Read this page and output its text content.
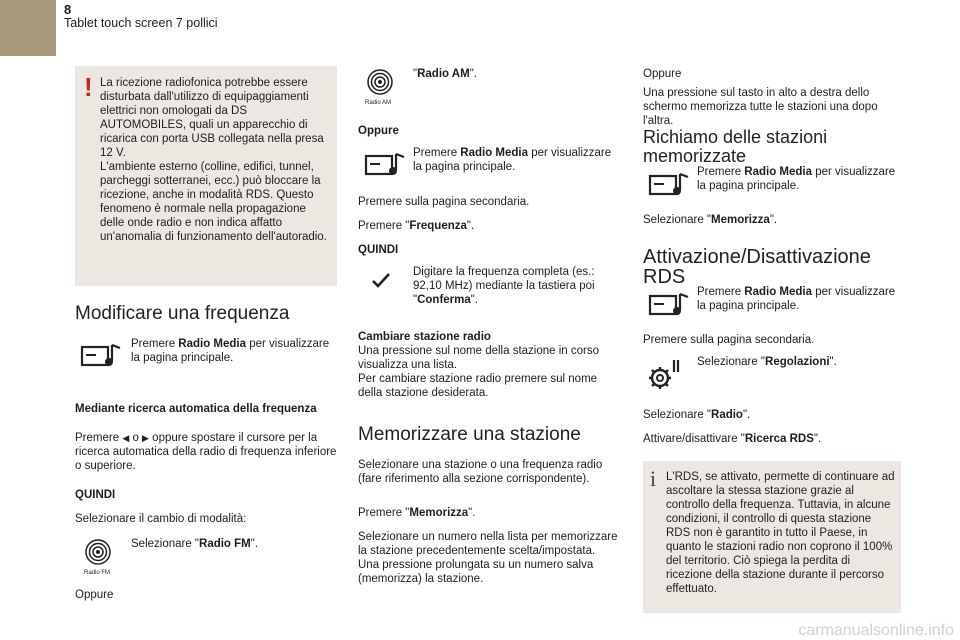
8
Tablet touch screen 7 pollici
! La ricezione radiofonica potrebbe essere disturbata dall'utilizzo di equipaggiamenti elettrici non omologati da DS AUTOMOBILES, quali un apparecchio di ricarica con porta USB collegata nella presa 12 V.
L'ambiente esterno (colline, edifici, tunnel, parcheggi sotterranei, ecc.) può bloccare la ricezione, anche in modalità RDS. Questo fenomeno è normale nella propagazione delle onde radio e non indica affatto un'anomalia di funzionamento dell'autoradio.
Modificare una frequenza
Premere Radio Media per visualizzare la pagina principale.
Mediante ricerca automatica della frequenza
Premere ◀ o ▶ oppure spostare il cursore per la ricerca automatica della radio di frequenza inferiore o superiore.
QUINDI
Selezionare il cambio di modalità:
Radio FM
Selezionare "Radio FM".
Oppure
Radio AM
"Radio AM".
Oppure
Premere Radio Media per visualizzare la pagina principale.
Premere sulla pagina secondaria.
Premere "Frequenza".
QUINDI
Digitare la frequenza completa (es.: 92,10 MHz) mediante la tastiera poi "Conferma".
Cambiare stazione radio
Una pressione sul nome della stazione in corso visualizza una lista.
Per cambiare stazione radio premere sul nome della stazione desiderata.
Memorizzare una stazione
Selezionare una stazione o una frequenza radio (fare riferimento alla sezione corrispondente).
Premere "Memorizza".
Selezionare un numero nella lista per memorizzare la stazione precedentemente scelta/impostata.
Una pressione prolungata su un numero salva (memorizza) la stazione.
Oppure
Una pressione sul tasto in alto a destra dello schermo memorizza tutte le stazioni una dopo l'altra.
Richiamo delle stazioni memorizzate
Premere Radio Media per visualizzare la pagina principale.
Selezionare "Memorizza".
Attivazione/Disattivazione RDS
Premere Radio Media per visualizzare la pagina principale.
Premere sulla pagina secondaria.
Selezionare "Regolazioni".
Selezionare "Radio".
Attivare/disattivare "Ricerca RDS".
i L'RDS, se attivato, permette di continuare ad ascoltare la stessa stazione grazie al controllo della frequenza. Tuttavia, in alcune condizioni, il controllo di questa stazione RDS non è garantito in tutto il Paese, in quanto le stazioni radio non coprono il 100% del territorio. Ciò spiega la perdita di ricezione della stazione durante il percorso effettuato.
carmanualsonline.info
